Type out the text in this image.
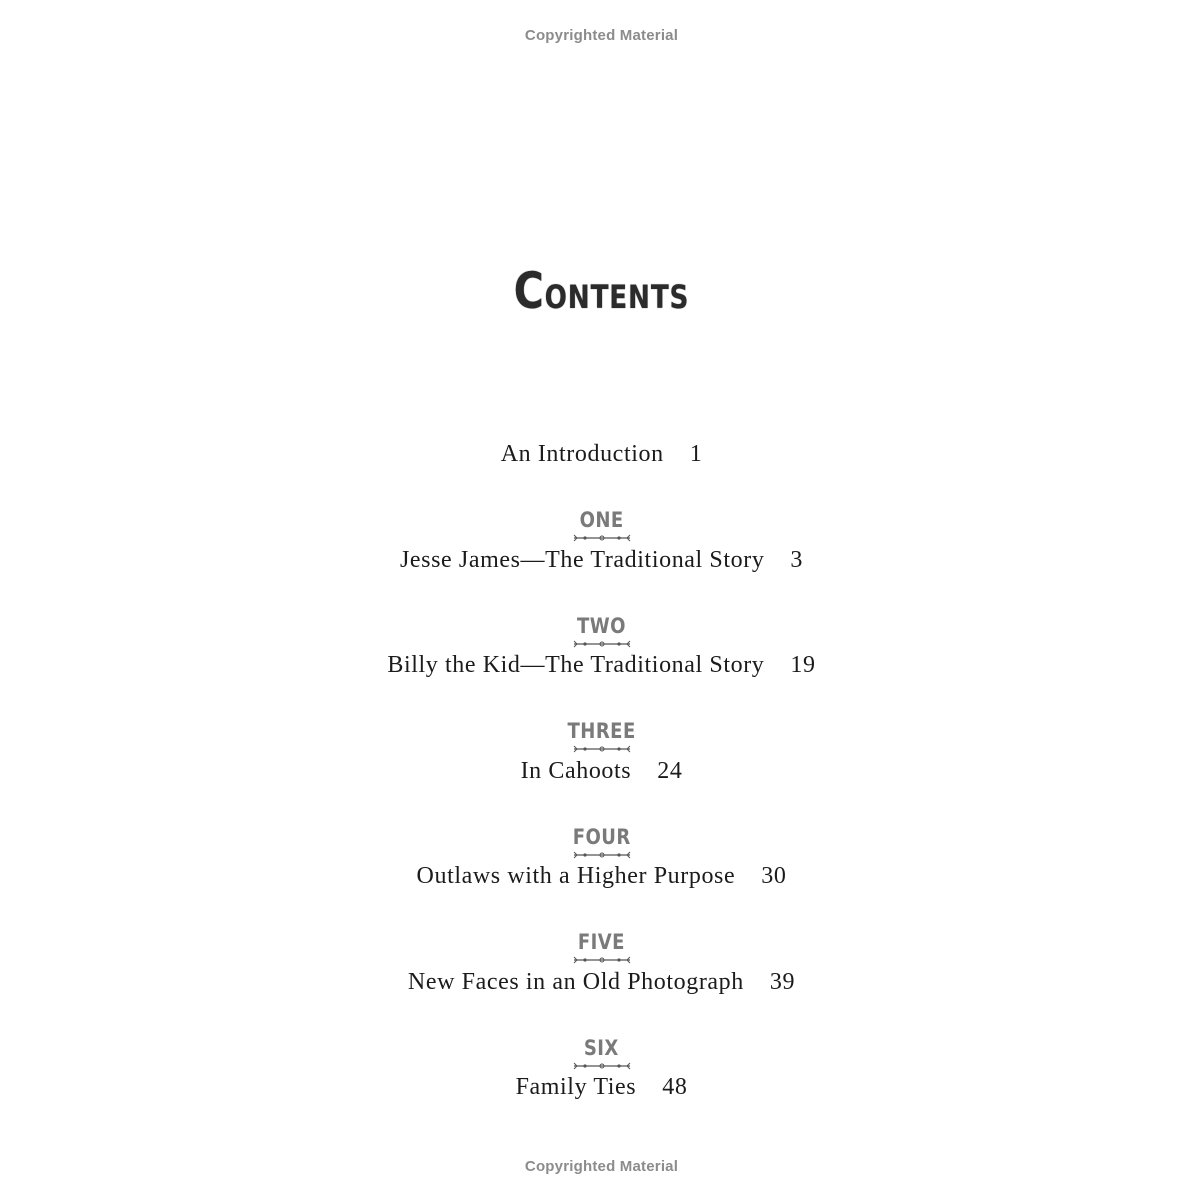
Copyrighted Material
Contents
An Introduction 1
ONE
Jesse James—The Traditional Story 3
TWO
Billy the Kid—The Traditional Story 19
THREE
In Cahoots 24
FOUR
Outlaws with a Higher Purpose 30
FIVE
New Faces in an Old Photograph 39
SIX
Family Ties 48
Copyrighted Material
